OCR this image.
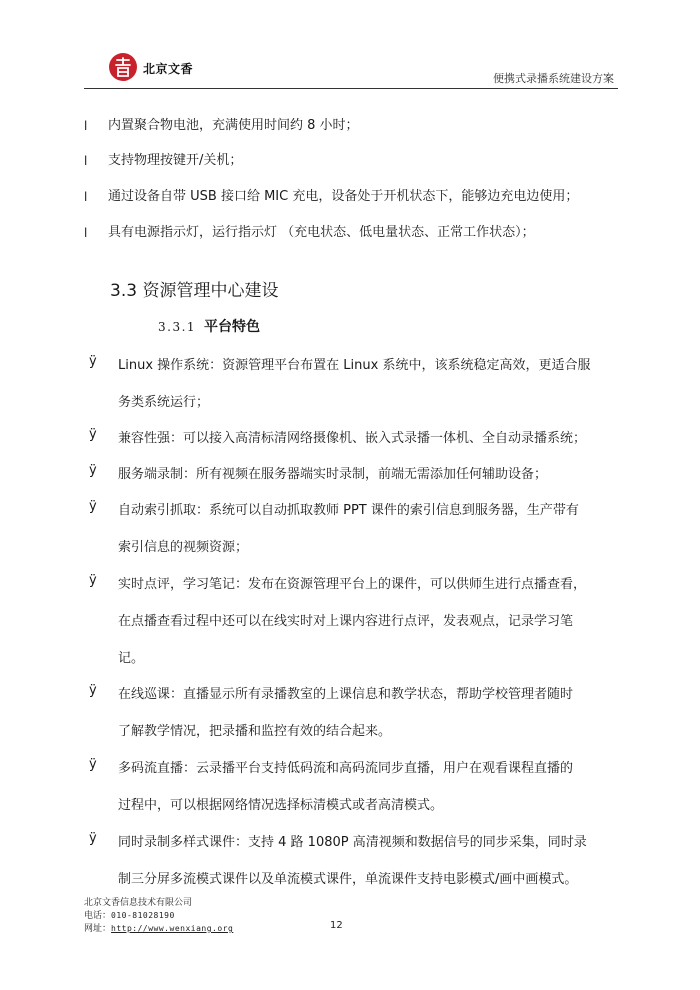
北京文香
便携式录播系统建设方案
l 内置聚合物电池，充满使用时间约 8 小时；
l 支持物理按键开/关机；
l 通过设备自带 USB 接口给 MIC 充电，设备处于开机状态下，能够边充电边使用；
l 具有电源指示灯，运行指示灯 （充电状态、低电量状态、正常工作状态）；
3.3 资源管理中心建设
3.3.1 平台特色
ÿ Linux 操作系统：资源管理平台布置在 Linux 系统中，该系统稳定高效，更适合服
务类系统运行；
ÿ 兼容性强：可以接入高清标清网络摄像机、嵌入式录播一体机、全自动录播系统；
ÿ 服务端录制：所有视频在服务器端实时录制，前端无需添加任何辅助设备；
ÿ 自动索引抓取：系统可以自动抓取教师 PPT 课件的索引信息到服务器，生产带有
索引信息的视频资源；
ÿ 实时点评，学习笔记：发布在资源管理平台上的课件，可以供师生进行点播查看，
在点播查看过程中还可以在线实时对上课内容进行点评，发表观点，记录学习笔
记。
ÿ 在线巡课：直播显示所有录播教室的上课信息和教学状态，帮助学校管理者随时
了解教学情况，把录播和监控有效的结合起来。
ÿ 多码流直播：云录播平台支持低码流和高码流同步直播，用户在观看课程直播的
过程中，可以根据网络情况选择标清模式或者高清模式。
ÿ 同时录制多样式课件：支持 4 路 1080P 高清视频和数据信号的同步采集，同时录
制三分屏多流模式课件以及单流模式课件，单流课件支持电影模式/画中画模式。
北京文香信息技术有限公司
电话：010-81028190
网址：http://www.wenxiang.org	12
